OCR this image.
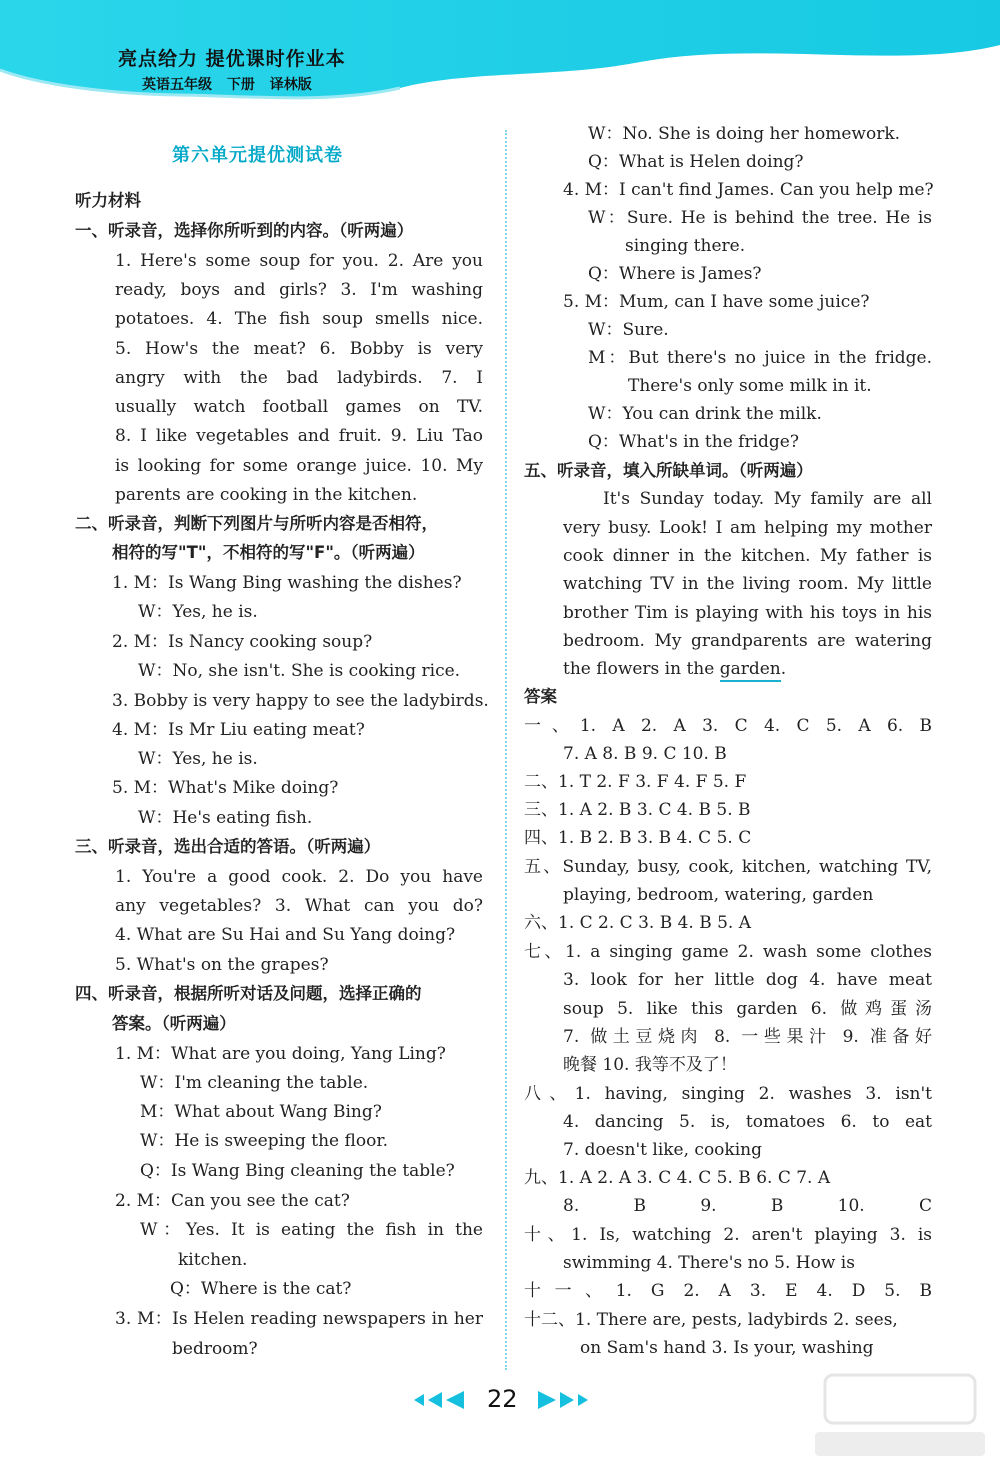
亮点给力 提优课时作业本
英语五年级 下册 译林版
第六单元提优测试卷
听力材料
一、听录音，选择你所听到的内容。（听两遍）
1. Here's some soup for you. 2. Are you
ready, boys and girls? 3. I'm washing
potatoes. 4. The fish soup smells nice.
5. How's the meat? 6. Bobby is very
angry with the bad ladybirds. 7. I
usually watch football games on TV.
8. I like vegetables and fruit. 9. Liu Tao
is looking for some orange juice. 10. My
parents are cooking in the kitchen.
二、听录音，判断下列图片与所听内容是否相符，
相符的写"T"，不相符的写"F"。（听两遍）
1. M：Is Wang Bing washing the dishes?
W：Yes, he is.
2. M：Is Nancy cooking soup?
W：No, she isn't. She is cooking rice.
3. Bobby is very happy to see the ladybirds.
4. M：Is Mr Liu eating meat?
W：Yes, he is.
5. M：What's Mike doing?
W：He's eating fish.
三、听录音，选出合适的答语。（听两遍）
1. You're a good cook. 2. Do you have
any vegetables? 3. What can you do?
4. What are Su Hai and Su Yang doing?
5. What's on the grapes?
四、听录音，根据所听对话及问题，选择正确的
答案。（听两遍）
1. M：What are you doing, Yang Ling?
W：I'm cleaning the table.
M：What about Wang Bing?
W：He is sweeping the floor.
Q：Is Wang Bing cleaning the table?
2. M：Can you see the cat?
W：Yes. It is eating the fish in the
kitchen.
Q：Where is the cat?
3. M：Is Helen reading newspapers in her
bedroom?
W：No. She is doing her homework.
Q：What is Helen doing?
4. M：I can't find James. Can you help me?
W：Sure. He is behind the tree. He is
singing there.
Q：Where is James?
5. M：Mum, can I have some juice?
W：Sure.
M：But there's no juice in the fridge.
There's only some milk in it.
W：You can drink the milk.
Q：What's in the fridge?
五、听录音，填入所缺单词。（听两遍）
It's Sunday today. My family are all
very busy. Look! I am helping my mother
cook dinner in the kitchen. My father is
watching TV in the living room. My little
brother Tim is playing with his toys in his
bedroom. My grandparents are watering
the flowers in the garden.
答案
一、1. A 2. A 3. C 4. C 5. A 6. B
7. A 8. B 9. C 10. B
二、1. T 2. F 3. F 4. F 5. F
三、1. A 2. B 3. C 4. B 5. B
四、1. B 2. B 3. B 4. C 5. C
五、Sunday, busy, cook, kitchen, watching TV,
playing, bedroom, watering, garden
六、1. C 2. C 3. B 4. B 5. A
七、1. a singing game 2. wash some clothes
3. look for her little dog 4. have meat
soup 5. like this garden 6. 做鸡蛋汤
7. 做土豆烧肉 8. 一些果汁 9. 准备好
晚餐 10. 我等不及了！
八、1. having, singing 2. washes 3. isn't
4. dancing 5. is, tomatoes 6. to eat
7. doesn't like, cooking
九、1. A 2. A 3. C 4. C 5. B 6. C 7. A
8. B 9. B 10. C
十、1. Is, watching 2. aren't playing 3. is
swimming 4. There's no 5. How is
十一、1. G 2. A 3. E 4. D 5. B
十二、1. There are, pests, ladybirds 2. sees,
on Sam's hand 3. Is your, washing
22
